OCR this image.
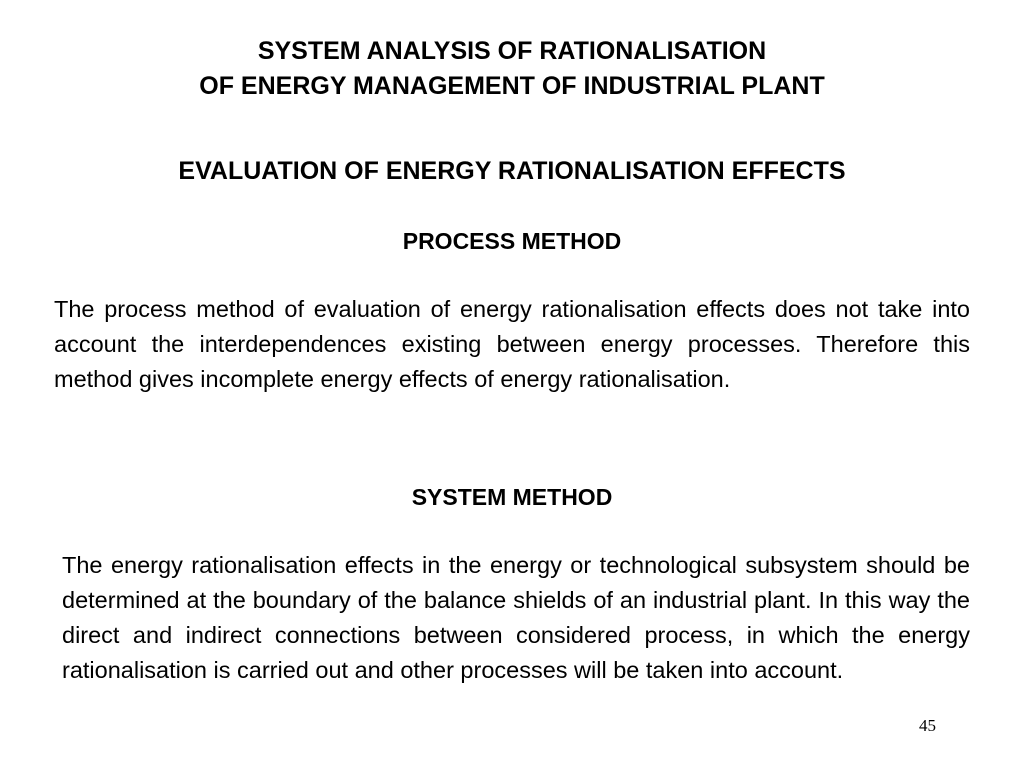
SYSTEM ANALYSIS OF RATIONALISATION
OF ENERGY MANAGEMENT OF INDUSTRIAL PLANT
EVALUATION OF ENERGY RATIONALISATION EFFECTS
PROCESS METHOD

The process method of evaluation of energy rationalisation effects does not take into account the interdependences existing between energy processes. Therefore this method gives incomplete energy effects of energy rationalisation.

SYSTEM METHOD

The energy rationalisation effects in the energy or technological subsystem should be determined at the boundary of the balance shields of an industrial plant. In this way the direct and indirect connections between considered process, in which the energy rationalisation is carried out and other processes will be taken into account.

45
